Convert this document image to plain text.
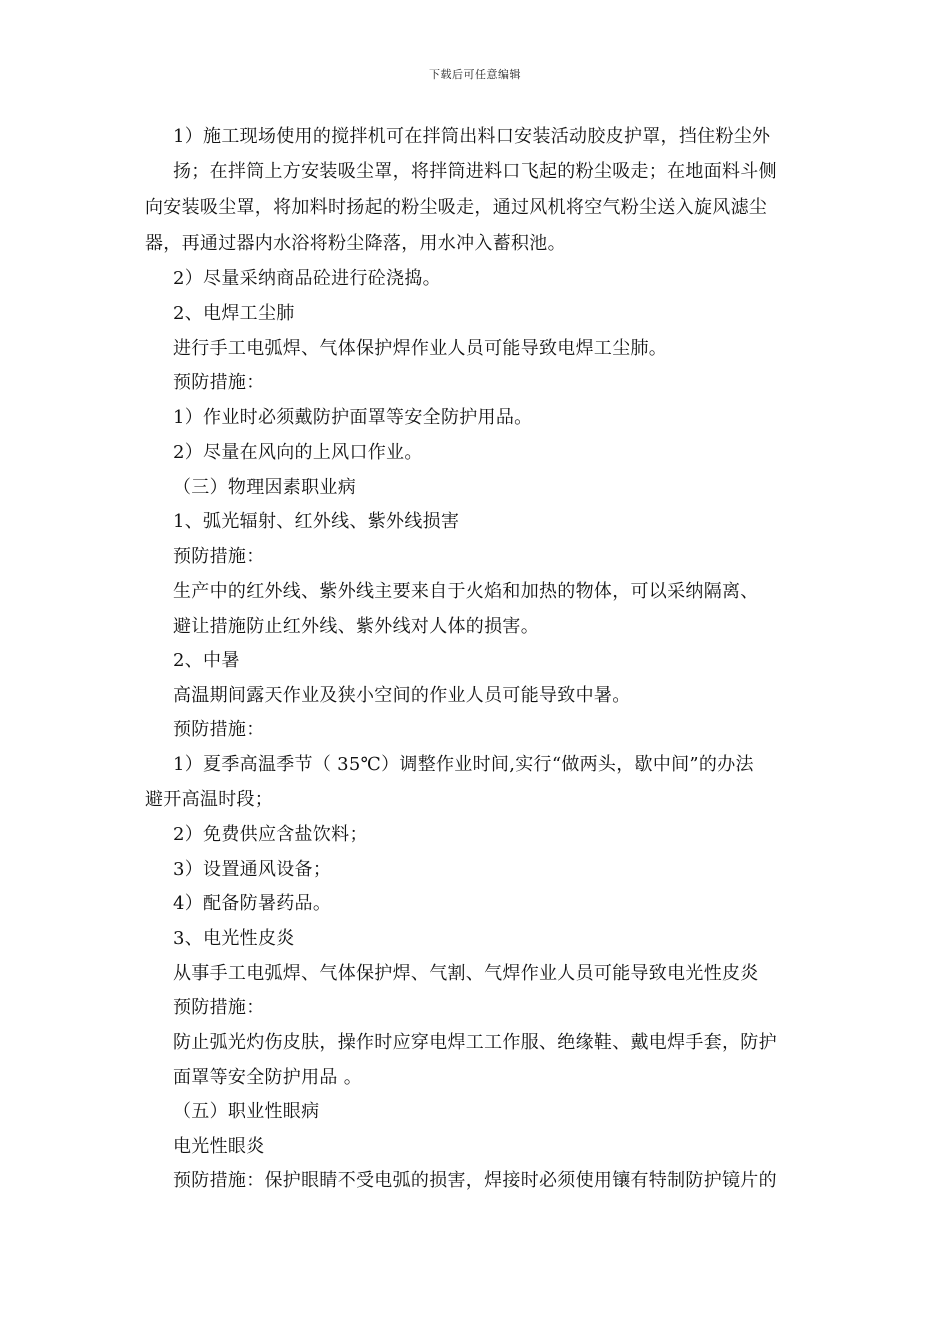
下载后可任意编辑
1）施工现场使用的搅拌机可在拌筒出料口安装活动胶皮护罩，挡住粉尘外
扬；在拌筒上方安装吸尘罩，将拌筒进料口飞起的粉尘吸走；在地面料斗侧
向安装吸尘罩，将加料时扬起的粉尘吸走，通过风机将空气粉尘送入旋风滤尘
器，再通过器内水浴将粉尘降落，用水冲入蓄积池。
2）尽量采纳商品砼进行砼浇捣。
2、电焊工尘肺
进行手工电弧焊、气体保护焊作业人员可能导致电焊工尘肺。
预防措施：
1）作业时必须戴防护面罩等安全防护用品。
2）尽量在风向的上风口作业。
（三）物理因素职业病
1、弧光辐射、红外线、紫外线损害
预防措施：
生产中的红外线、紫外线主要来自于火焰和加热的物体，可以采纳隔离、
避让措施防止红外线、紫外线对人体的损害。
2、中暑
高温期间露天作业及狭小空间的作业人员可能导致中暑。
预防措施：
1）夏季高温季节（ 35℃）调整作业时间,实行“做两头，歇中间”的办法
避开高温时段；
2）免费供应含盐饮料；
3）设置通风设备；
4）配备防暑药品。
3、电光性皮炎
从事手工电弧焊、气体保护焊、气割、气焊作业人员可能导致电光性皮炎
预防措施：
防止弧光灼伤皮肤，操作时应穿电焊工工作服、绝缘鞋、戴电焊手套，防护
面罩等安全防护用品 。
（五）职业性眼病
电光性眼炎
预防措施：保护眼睛不受电弧的损害，焊接时必须使用镶有特制防护镜片的
